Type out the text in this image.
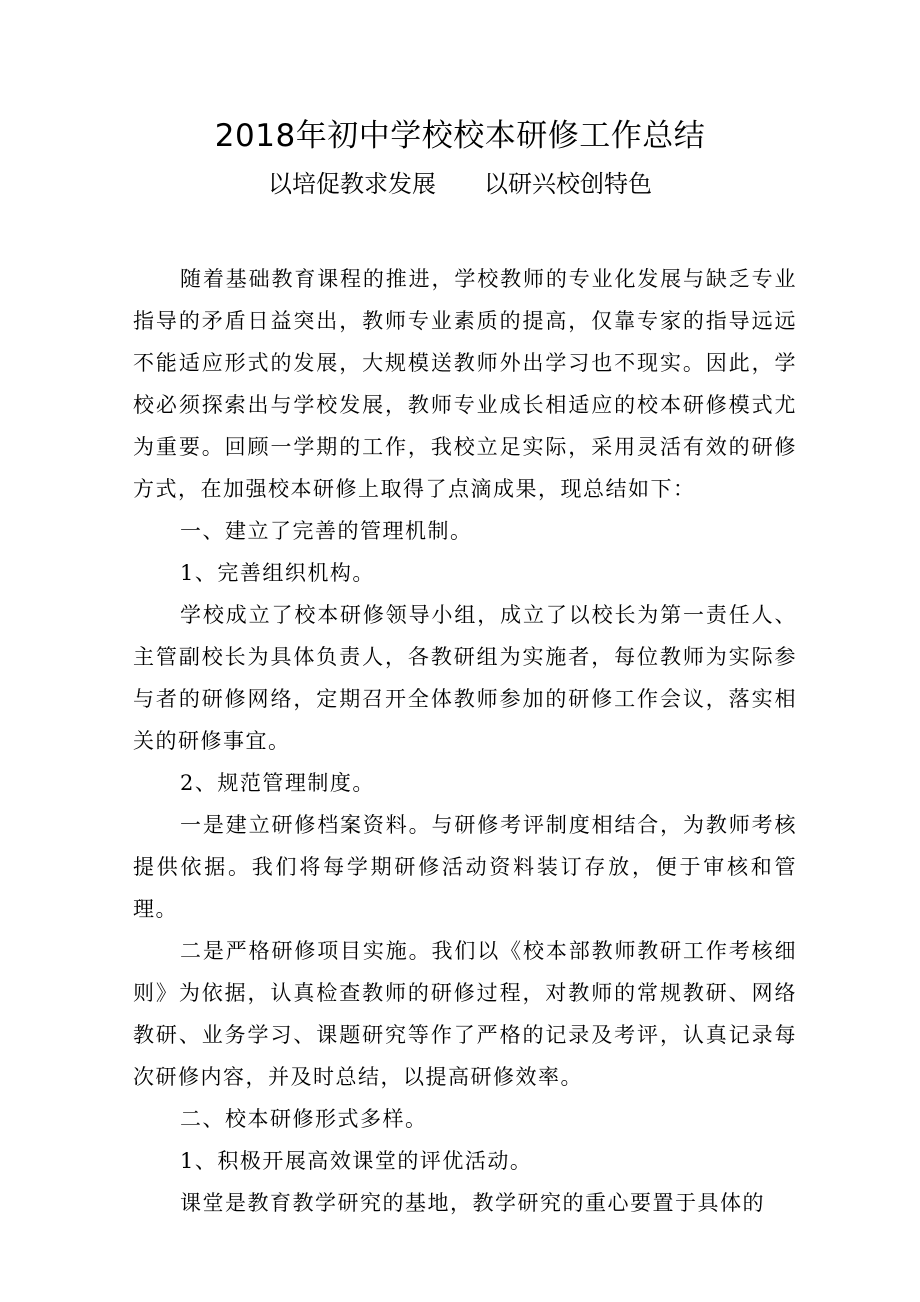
2018年初中学校校本研修工作总结
以培促教求发展　　以研兴校创特色

随着基础教育课程的推进，学校教师的专业化发展与缺乏专业指导的矛盾日益突出，教师专业素质的提高，仅靠专家的指导远远不能适应形式的发展，大规模送教师外出学习也不现实。因此，学校必须探索出与学校发展，教师专业成长相适应的校本研修模式尤为重要。回顾一学期的工作，我校立足实际，采用灵活有效的研修方式，在加强校本研修上取得了点滴成果，现总结如下：

一、建立了完善的管理机制。

1、完善组织机构。

学校成立了校本研修领导小组，成立了以校长为第一责任人、主管副校长为具体负责人，各教研组为实施者，每位教师为实际参与者的研修网络，定期召开全体教师参加的研修工作会议，落实相关的研修事宜。

2、规范管理制度。

一是建立研修档案资料。与研修考评制度相结合，为教师考核提供依据。我们将每学期研修活动资料装订存放，便于审核和管理。

二是严格研修项目实施。我们以《校本部教师教研工作考核细则》为依据，认真检查教师的研修过程，对教师的常规教研、网络教研、业务学习、课题研究等作了严格的记录及考评，认真记录每次研修内容，并及时总结，以提高研修效率。

二、校本研修形式多样。

1、积极开展高效课堂的评优活动。

课堂是教育教学研究的基地，教学研究的重心要置于具体的
